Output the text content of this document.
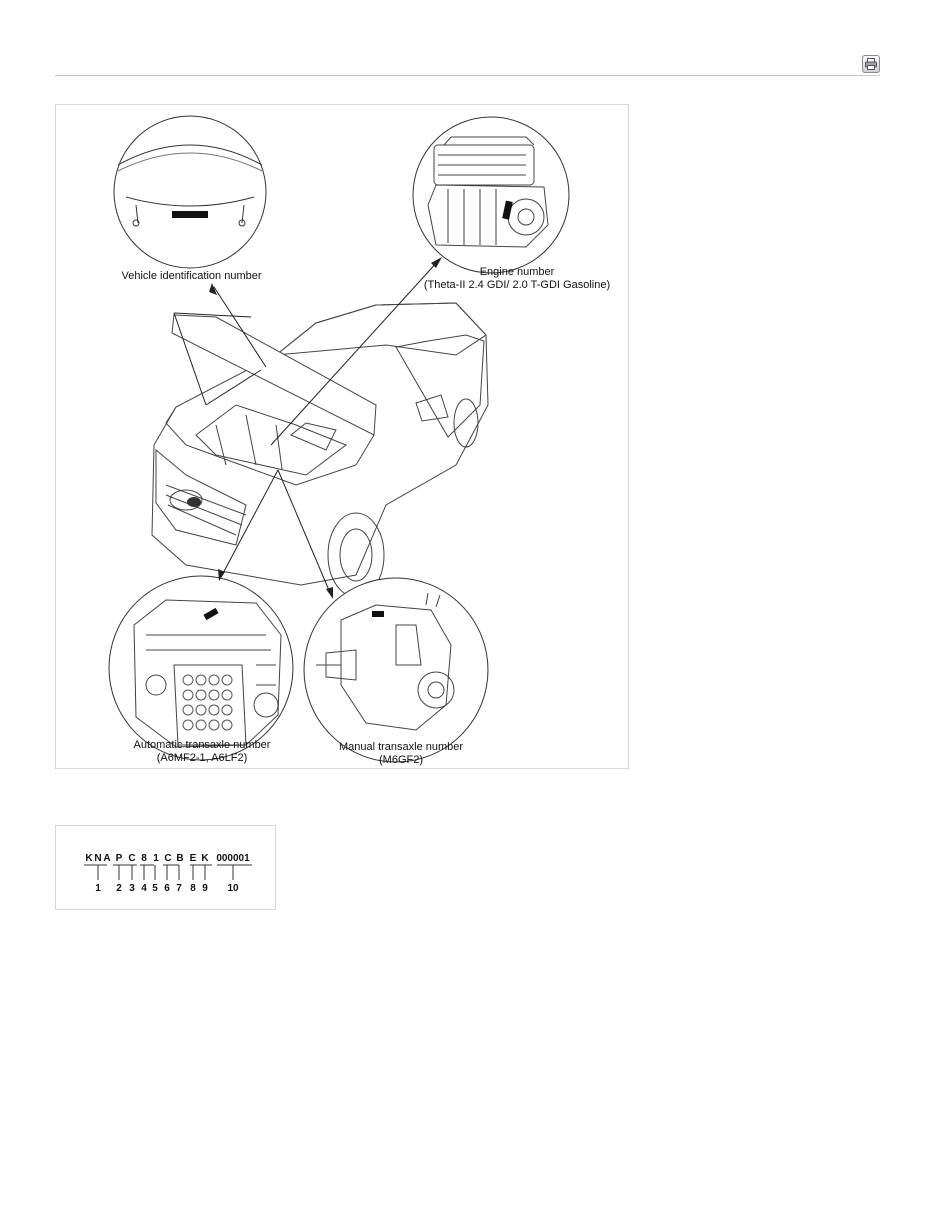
Vehicle identification number	Engine number
(Theta-II 2.4 GDI/ 2.0 T-GDI Gasoline)
Automatic transaxle number
(A6MF2-1, A6LF2)
Manual transaxle number
(M6GF2)
K N A P C 8 1 C B E K 000001
1	2 3 4 5 6 7 8 9	10
